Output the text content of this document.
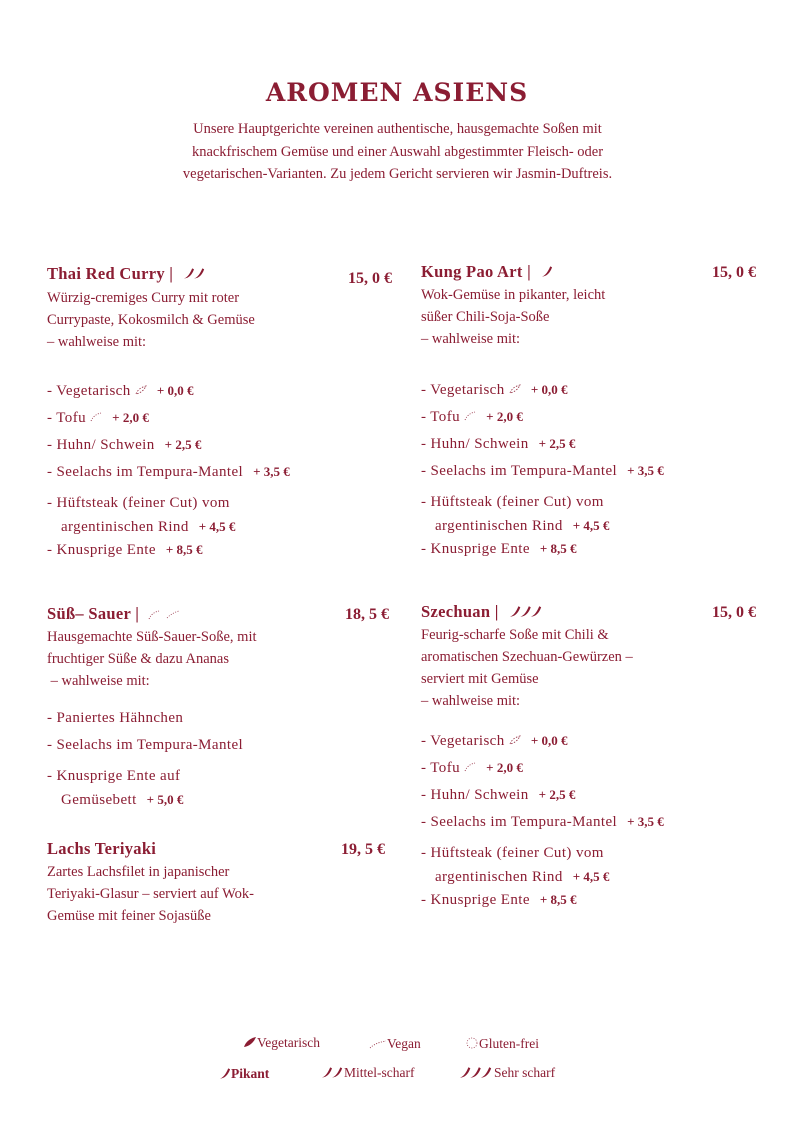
AROMEN ASIENS
Unsere Hauptgerichte vereinen authentische, hausgemachte Soßen mit knackfrischem Gemüse und einer Auswahl abgestimmter Fleisch- oder vegetarischen-Varianten. Zu jedem Gericht servieren wir Jasmin-Duftreis.
Thai Red Curry |	15, 0 €
Würzig-cremiges Curry mit roter
Currypaste, Kokosmilch & Gemüse
– wahlweise mit:
- Vegetarisch + 0,0 €
- Tofu + 2,0 €
- Huhn/ Schwein + 2,5 €
- Seelachs im Tempura-Mantel + 3,5 €
- Hüftsteak (feiner Cut) vom
argentinischen Rind + 4,5 €
- Knusprige Ente + 8,5 €
Kung Pao Art |	15, 0 €
Wok-Gemüse in pikanter, leicht
süßer Chili-Soja-Soße
– wahlweise mit:
- Vegetarisch + 0,0 €
- Tofu + 2,0 €
- Huhn/ Schwein + 2,5 €
- Seelachs im Tempura-Mantel + 3,5 €
- Hüftsteak (feiner Cut) vom
argentinischen Rind + 4,5 €
- Knusprige Ente + 8,5 €
Süß– Sauer |	18, 5 €
Hausgemachte Süß-Sauer-Soße, mit
fruchtiger Süße & dazu Ananas
– wahlweise mit:
- Paniertes Hähnchen
- Seelachs im Tempura-Mantel
- Knusprige Ente auf
Gemüsebett + 5,0 €
Lachs Teriyaki	19, 5 €
Zartes Lachsfilet in japanischer
Teriyaki-Glasur – serviert auf Wok-
Gemüse mit feiner Sojasüße
Szechuan |	15, 0 €
Feurig-scharfe Soße mit Chili &
aromatischen Szechuan-Gewürzen –
serviert mit Gemüse
– wahlweise mit:
- Vegetarisch + 0,0 €
- Tofu + 2,0 €
- Huhn/ Schwein + 2,5 €
- Seelachs im Tempura-Mantel + 3,5 €
- Hüftsteak (feiner Cut) vom
argentinischen Rind + 4,5 €
- Knusprige Ente + 8,5 €
Vegetarisch	Vegan	Gluten-frei
Pikant	Mittel-scharf	Sehr scharf
